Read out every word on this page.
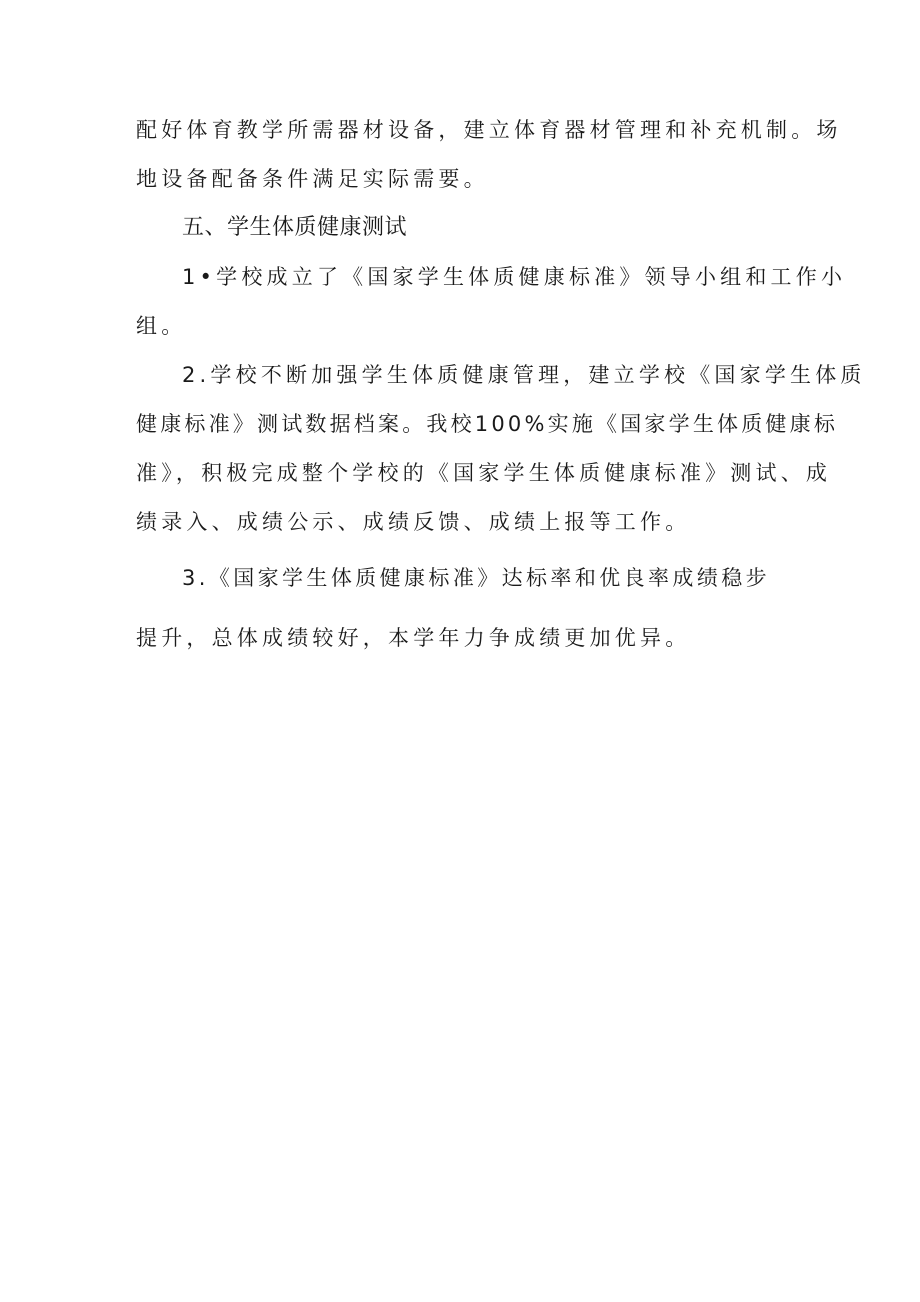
配好体育教学所需器材设备，建立体育器材管理和补充机制。场
地设备配备条件满足实际需要。
五、学生体质健康测试
1•学校成立了《国家学生体质健康标准》领导小组和工作小
组。
2.学校不断加强学生体质健康管理，建立学校《国家学生体质
健康标准》测试数据档案。我校100%实施《国家学生体质健康标
准》，积极完成整个学校的《国家学生体质健康标准》测试、成
绩录入、成绩公示、成绩反馈、成绩上报等工作。
3.《国家学生体质健康标准》达标率和优良率成绩稳步
提升，总体成绩较好，本学年力争成绩更加优异。
